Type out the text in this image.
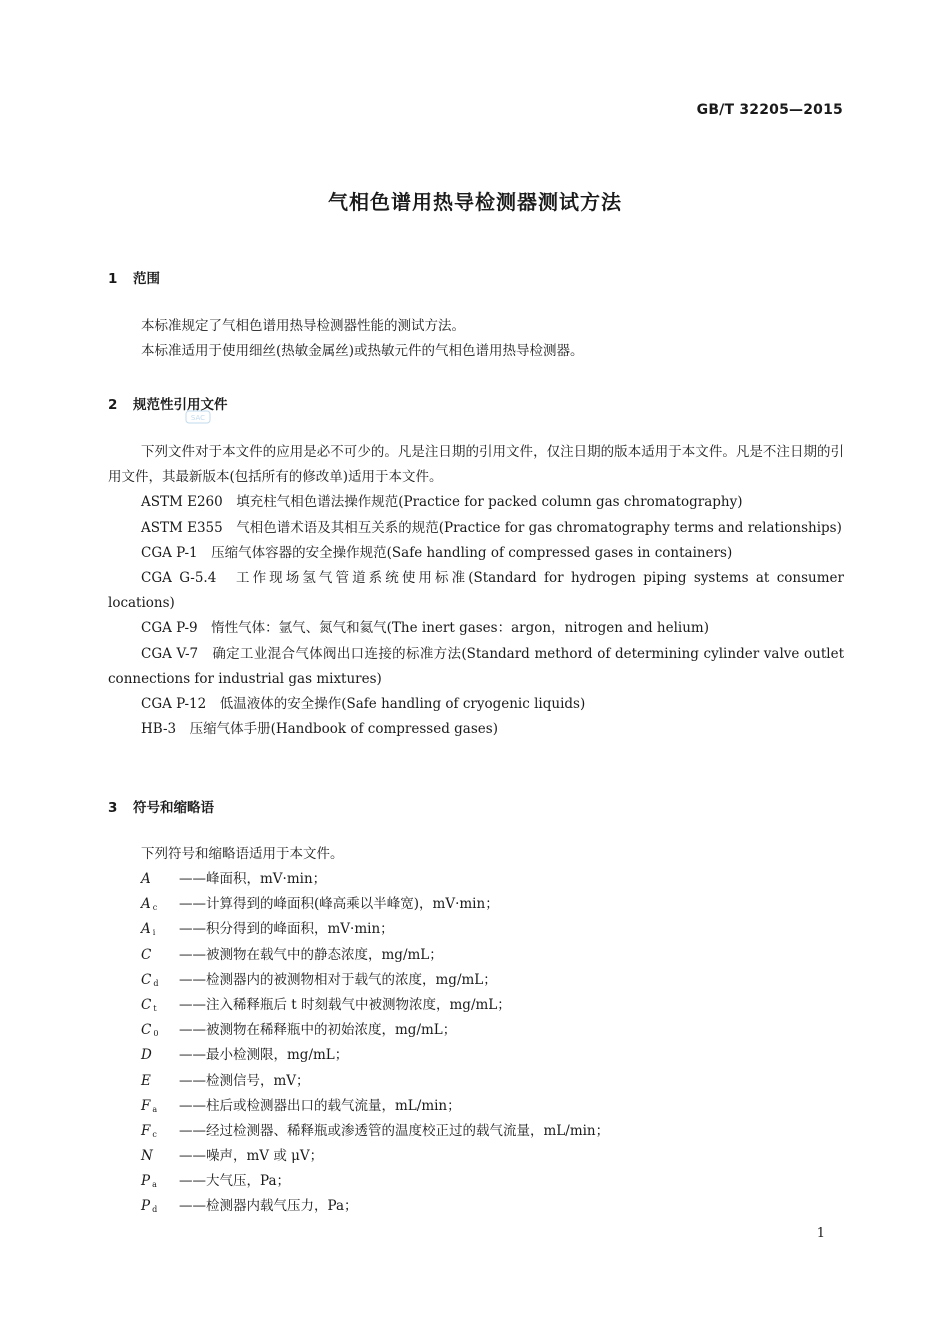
GB/T 32205—2015
气相色谱用热导检测器测试方法
1 范围

本标准规定了气相色谱用热导检测器性能的测试方法。

本标准适用于使用细丝(热敏金属丝)或热敏元件的气相色谱用热导检测器。

2 规范性引用文件
SAC

下列文件对于本文件的应用是必不可少的。凡是注日期的引用文件，仅注日期的版本适用于本文件。凡是不注日期的引用文件，其最新版本(包括所有的修改单)适用于本文件。

ASTM E260　填充柱气相色谱法操作规范(Practice for packed column gas chromatography)

ASTM E355　气相色谱术语及其相互关系的规范(Practice for gas chromatography terms and relationships)

CGA P-1　压缩气体容器的安全操作规范(Safe handling of compressed gases in containers)

CGA G-5.4　工作现场氢气管道系统使用标准(Standard for hydrogen piping systems at consumer locations)

CGA P-9　惰性气体：氩气、氮气和氦气(The inert gases：argon，nitrogen and helium)

CGA V-7　确定工业混合气体阀出口连接的标准方法(Standard methord of determining cylinder valve outlet connections for industrial gas mixtures)

CGA P-12　低温液体的安全操作(Safe handling of cryogenic liquids)

HB-3　压缩气体手册(Handbook of compressed gases)

3 符号和缩略语

下列符号和缩略语适用于本文件。

A	——峰面积，mV·min；
A $_c$	——计算得到的峰面积(峰高乘以半峰宽)，mV·min；
A $_i$	——积分得到的峰面积，mV·min；
C	——被测物在载气中的静态浓度，mg/mL；
C $_d$	——检测器内的被测物相对于载气的浓度，mg/mL；
C $_t$	——注入稀释瓶后 t 时刻载气中被测物浓度，mg/mL；
C $_0$	——被测物在稀释瓶中的初始浓度，mg/mL；
D	——最小检测限，mg/mL；
E	——检测信号，mV；
F $_a$	——柱后或检测器出口的载气流量，mL/min；
F $_c$	——经过检测器、稀释瓶或渗透管的温度校正过的载气流量，mL/min；
N	——噪声，mV 或 μV；
P $_a$	——大气压，Pa；
P $_d$	——检测器内载气压力，Pa；
1
